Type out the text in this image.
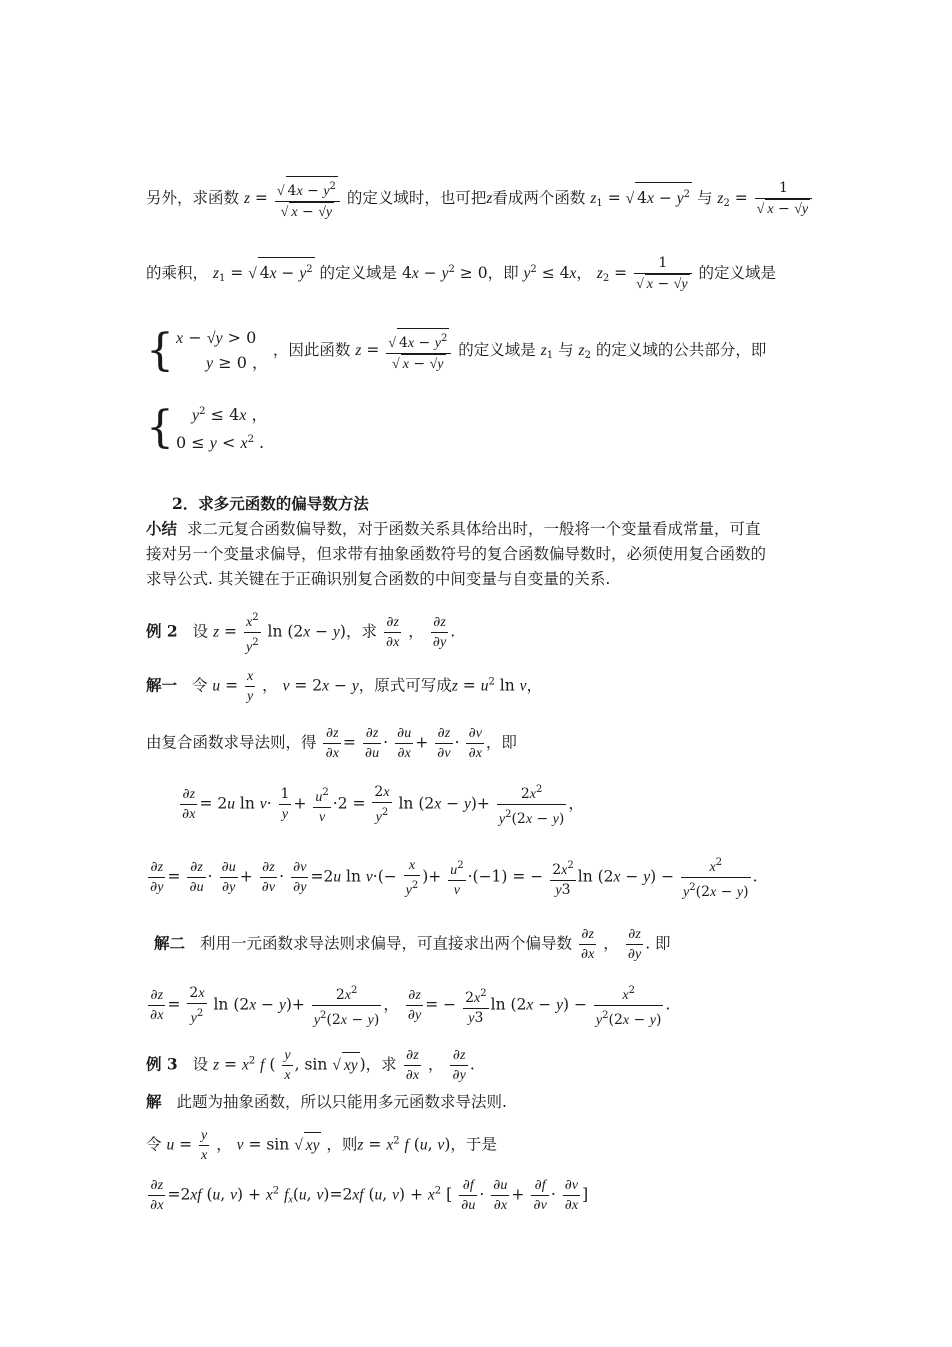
另外，求函数 $z = \frac{√ 4x - y^2}{√ x - √y}$ 的定义域时，也可把z看成两个函数 $z_1$ = √ $4x - y^2$ 与 $z_2 = \frac{1}{√ x - √y}$
的乘积， $z_1$ = √ $4x - y^2$ 的定义域是 $4x - y^2 \ge 0$，即 $y^2 \le 4x$， $z_2 = \frac{1}{√ x - √y}$ 的定义域是
{ x − √y > 0
y ≥ 0 ，
，因此函数 $z = \frac{√ 4x - y^2}{√ x - √y}$ 的定义域是 $z_1$ 与 $z_2$ 的定义域的公共部分，即
{	$y^2 \le 4x$ ，
$0 \le y < x^2$ .
2．求多元函数的偏导数方法
小结 求二元复合函数偏导数，对于函数关系具体给出时，一般将一个变量看成常量，可直
接对另一个变量求偏导，但求带有抽象函数符号的复合函数偏导数时，必须使用复合函数的
求导公式. 其关键在于正确识别复合函数的中间变量与自变量的关系.
例 2 设 $z = \frac{x^2}{y^2}$ ln (2x − y)，求 $\frac{\partial z}{\partial x}$ ， $\frac{\partial z}{\partial y}$ .
解一 令 $u = \frac{x}{y}$ ， v = 2x − y，原式可写成$z = u^2$ ln v，
由复合函数求导法则，得 $\frac{\partial z}{\partial x} = \frac{\partial z}{\partial u} \cdot \frac{\partial u}{\partial x} + \frac{\partial z}{\partial v} \cdot \frac{\partial v}{\partial x}$ ，即
$\frac{\partial z}{\partial x} = 2u$ $\ln v\cdot \frac{1}{y} + \frac{u^2}{v} \cdot 2 = \frac{2x}{y^2}$ $\ln (2x - y)+ \frac{2x^2}{y^2(2x - y)}$ ，
$\frac{\partial z}{\partial y} = \frac{\partial z}{\partial u} \cdot \frac{\partial u}{\partial y} + \frac{\partial z}{\partial v} \cdot \frac{\partial v}{\partial y} =2u$ $\ln v\cdot(- \frac{x}{y^2}$ )+ $\frac{u^2}{v} \cdot(-1)$ = − $\frac{2x^2}{y3}$ $\ln (2x - y) - \frac{x^2}{y^2(2x - y)}$ .
解二 利用一元函数求导法则求偏导，可直接求出两个偏导数 $\frac{\partial z}{\partial x}$ ， $\frac{\partial z}{\partial y}$ . 即
$\frac{\partial z}{\partial x} = \frac{2x}{y^2}$ $\ln (2x - y)+ \frac{2x^2}{y^2(2x - y)}$ ， $\frac{\partial z}{\partial y}$ = − $\frac{2x^2}{y3}$ $\ln (2x - y) - \frac{x^2}{y^2(2x - y)}$ .
例 3 设 $z = x^2$ f ( $\frac{y}{x}$ , sin √ xy )，求 $\frac{\partial z}{\partial x}$ ， $\frac{\partial z}{\partial y}$ .
解 此题为抽象函数，所以只能用多元函数求导法则.
令 $u = \frac{y}{x}$ ， v = sin √ xy ，则$z = x^2$ f (u, v)，于是
$\frac{\partial z}{\partial x} =2xf$ (u, $v) + x^2$ $f_x(u$, v)=2xf (u, $v) + x^2$ [ $\frac{\partial f}{\partial u} \cdot \frac{\partial u}{\partial x} + \frac{\partial f}{\partial v} \cdot \frac{\partial v}{\partial x}$ ]
